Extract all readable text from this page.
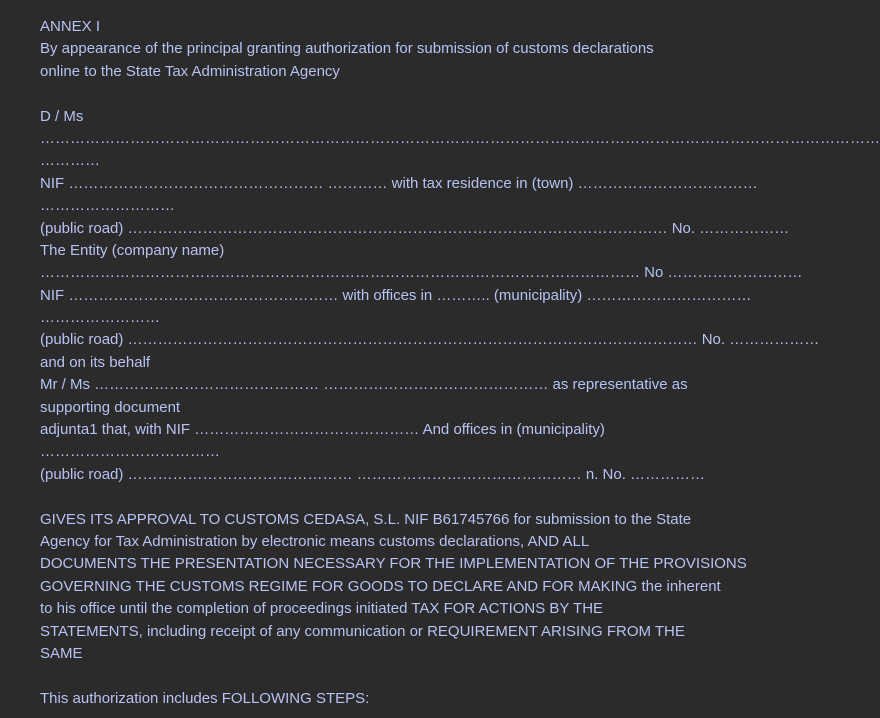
ANNEX I
By appearance of the principal granting authorization for submission of customs declarations
online to the State Tax Administration Agency
D / Ms
……………………………………………………………………………………………………………………………………………………
…………
NIF …………………………………………… ………… with tax residence in (town) ………………………………
………………………
(public road) ……………………………………………………………………………………………… No. ………………
The Entity (company name)
………………………………………………………………………………………………………… No ………………………
NIF ……………………………………………… with offices in ……….. (municipality) ……………………………
……………………
(public road) …………………………………………………………………………………………………… No. ………………
and on its behalf
Mr / Ms ……………………………………… ……………………………………… as representative as
supporting document
adjunta1 that, with NIF ……………………………………… And offices in (municipality)
………………………………
(public road) ……………………………………… ……………………………………… n. No. ……………
GIVES ITS APPROVAL TO CUSTOMS CEDASA, S.L. NIF B61745766 for submission to the State
Agency for Tax Administration by electronic means customs declarations, AND ALL
DOCUMENTS THE PRESENTATION NECESSARY FOR THE IMPLEMENTATION OF THE PROVISIONS
GOVERNING THE CUSTOMS REGIME FOR GOODS TO DECLARE AND FOR MAKING the inherent
to his office until the completion of proceedings initiated TAX FOR ACTIONS BY THE
STATEMENTS, including receipt of any communication or REQUIREMENT ARISING FROM THE
SAME
This authorization includes FOLLOWING STEPS:
